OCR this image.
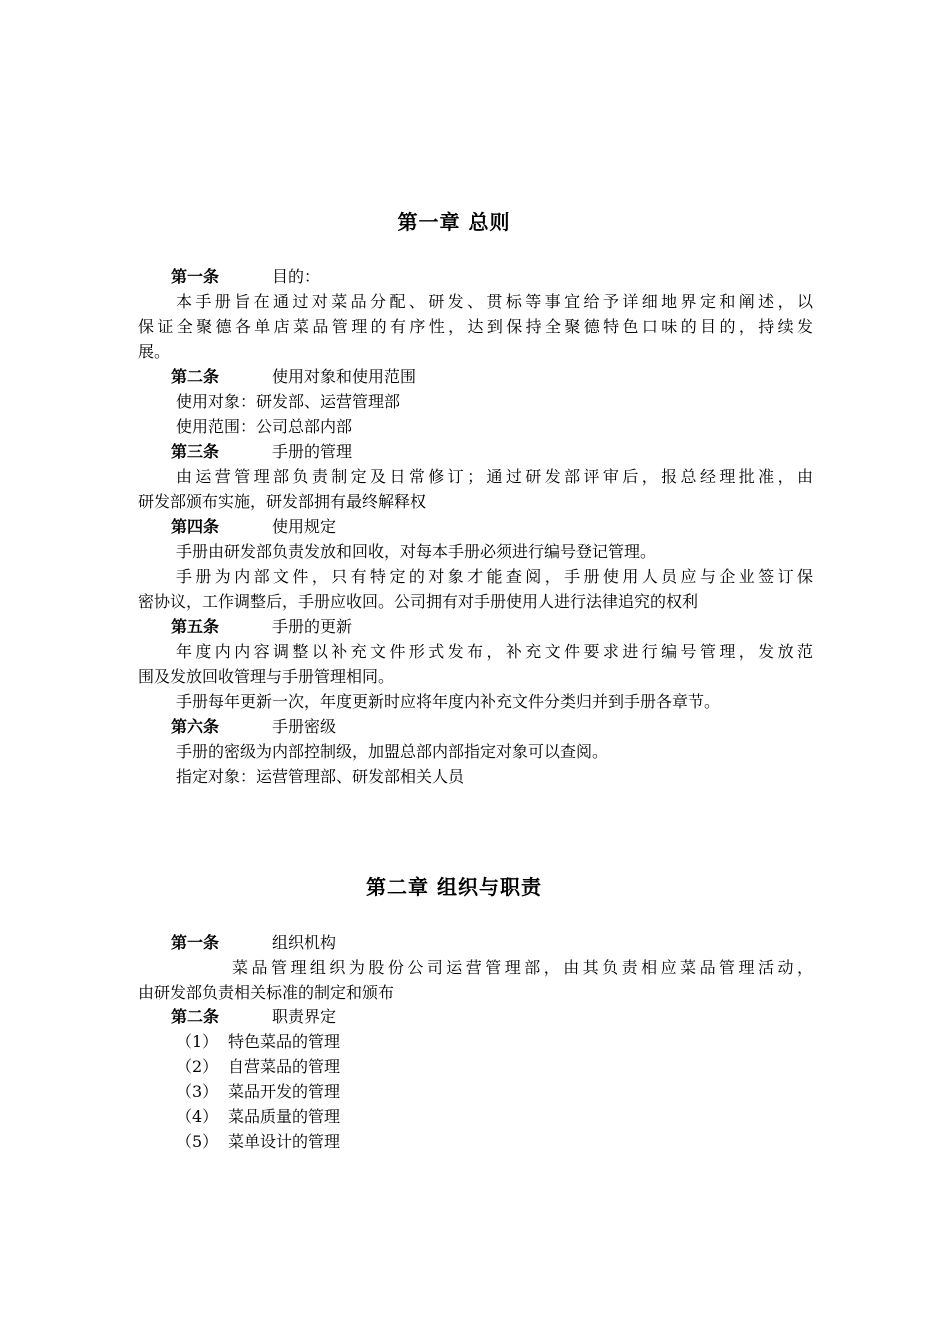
第一章 总则
第一条	目的：
本手册旨在通过对菜品分配、研发、贯标等事宜给予详细地界定和阐述，以
保证全聚德各单店菜品管理的有序性，达到保持全聚德特色口味的目的，持续发
展。
第二条	使用对象和使用范围
使用对象：研发部、运营管理部
使用范围：公司总部内部
第三条	手册的管理
由运营管理部负责制定及日常修订；通过研发部评审后，报总经理批准，由
研发部颁布实施，研发部拥有最终解释权
第四条	使用规定
手册由研发部负责发放和回收，对每本手册必须进行编号登记管理。
手册为内部文件，只有特定的对象才能查阅，手册使用人员应与企业签订保
密协议，工作调整后，手册应收回。公司拥有对手册使用人进行法律追究的权利
第五条	手册的更新
年度内内容调整以补充文件形式发布，补充文件要求进行编号管理，发放范
围及发放回收管理与手册管理相同。
手册每年更新一次，年度更新时应将年度内补充文件分类归并到手册各章节。
第六条	手册密级
手册的密级为内部控制级，加盟总部内部指定对象可以查阅。
指定对象：运营管理部、研发部相关人员
第二章 组织与职责
第一条	组织机构
菜品管理组织为股份公司运营管理部，由其负责相应菜品管理活动，
由研发部负责相关标准的制定和颁布
第二条	职责界定
（1） 特色菜品的管理
（2） 自营菜品的管理
（3） 菜品开发的管理
（4） 菜品质量的管理
（5） 菜单设计的管理
